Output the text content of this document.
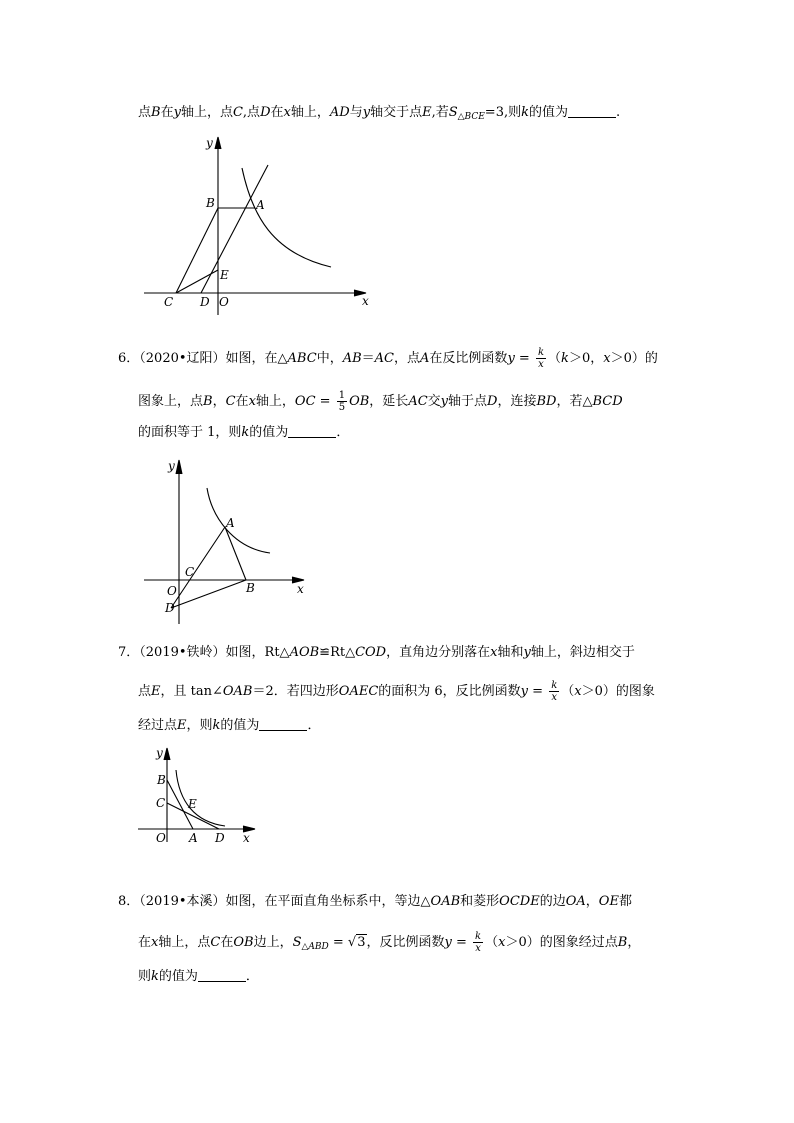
点B在y轴上，点C,点D在x轴上，AD与y轴交于点E,若$S_{\triangle BCE}=3$,则k的值为	.
y
x
B	A
E
C D O
6．（2020•辽阳）如图，在△ABC中，AB＝AC，点A在反比例函数$y = \frac{k}{x} (k>0$，x＞0）的
图象上，点B，C在x轴上，OC = $\frac{1}{5}$ OB，延长AC交y轴于点D，连接BD，若△BCD
的面积等于 1，则k的值为	．
y
x
A
C
O	B
D
7．（2019•铁岭）如图，Rt△AOB≌Rt△COD，直角边分别落在x轴和y轴上，斜边相交于
点E，且 tan∠OAB＝2．若四边形OAEC的面积为 6，反比例函数$y = \frac{k}{x} (x>0)$的图象
经过点E，则k的值为	．
y
B
C E
O A D x
8．（2019•本溪）如图，在平面直角坐标系中，等边△OAB和菱形OCDE的边OA，OE都
在x轴上，点C在OB边上，$S_{\triangle ABD} = √3$，反比例函数$y = \frac{k}{x} (x>0)$的图象经过点B，
则k的值为	．
